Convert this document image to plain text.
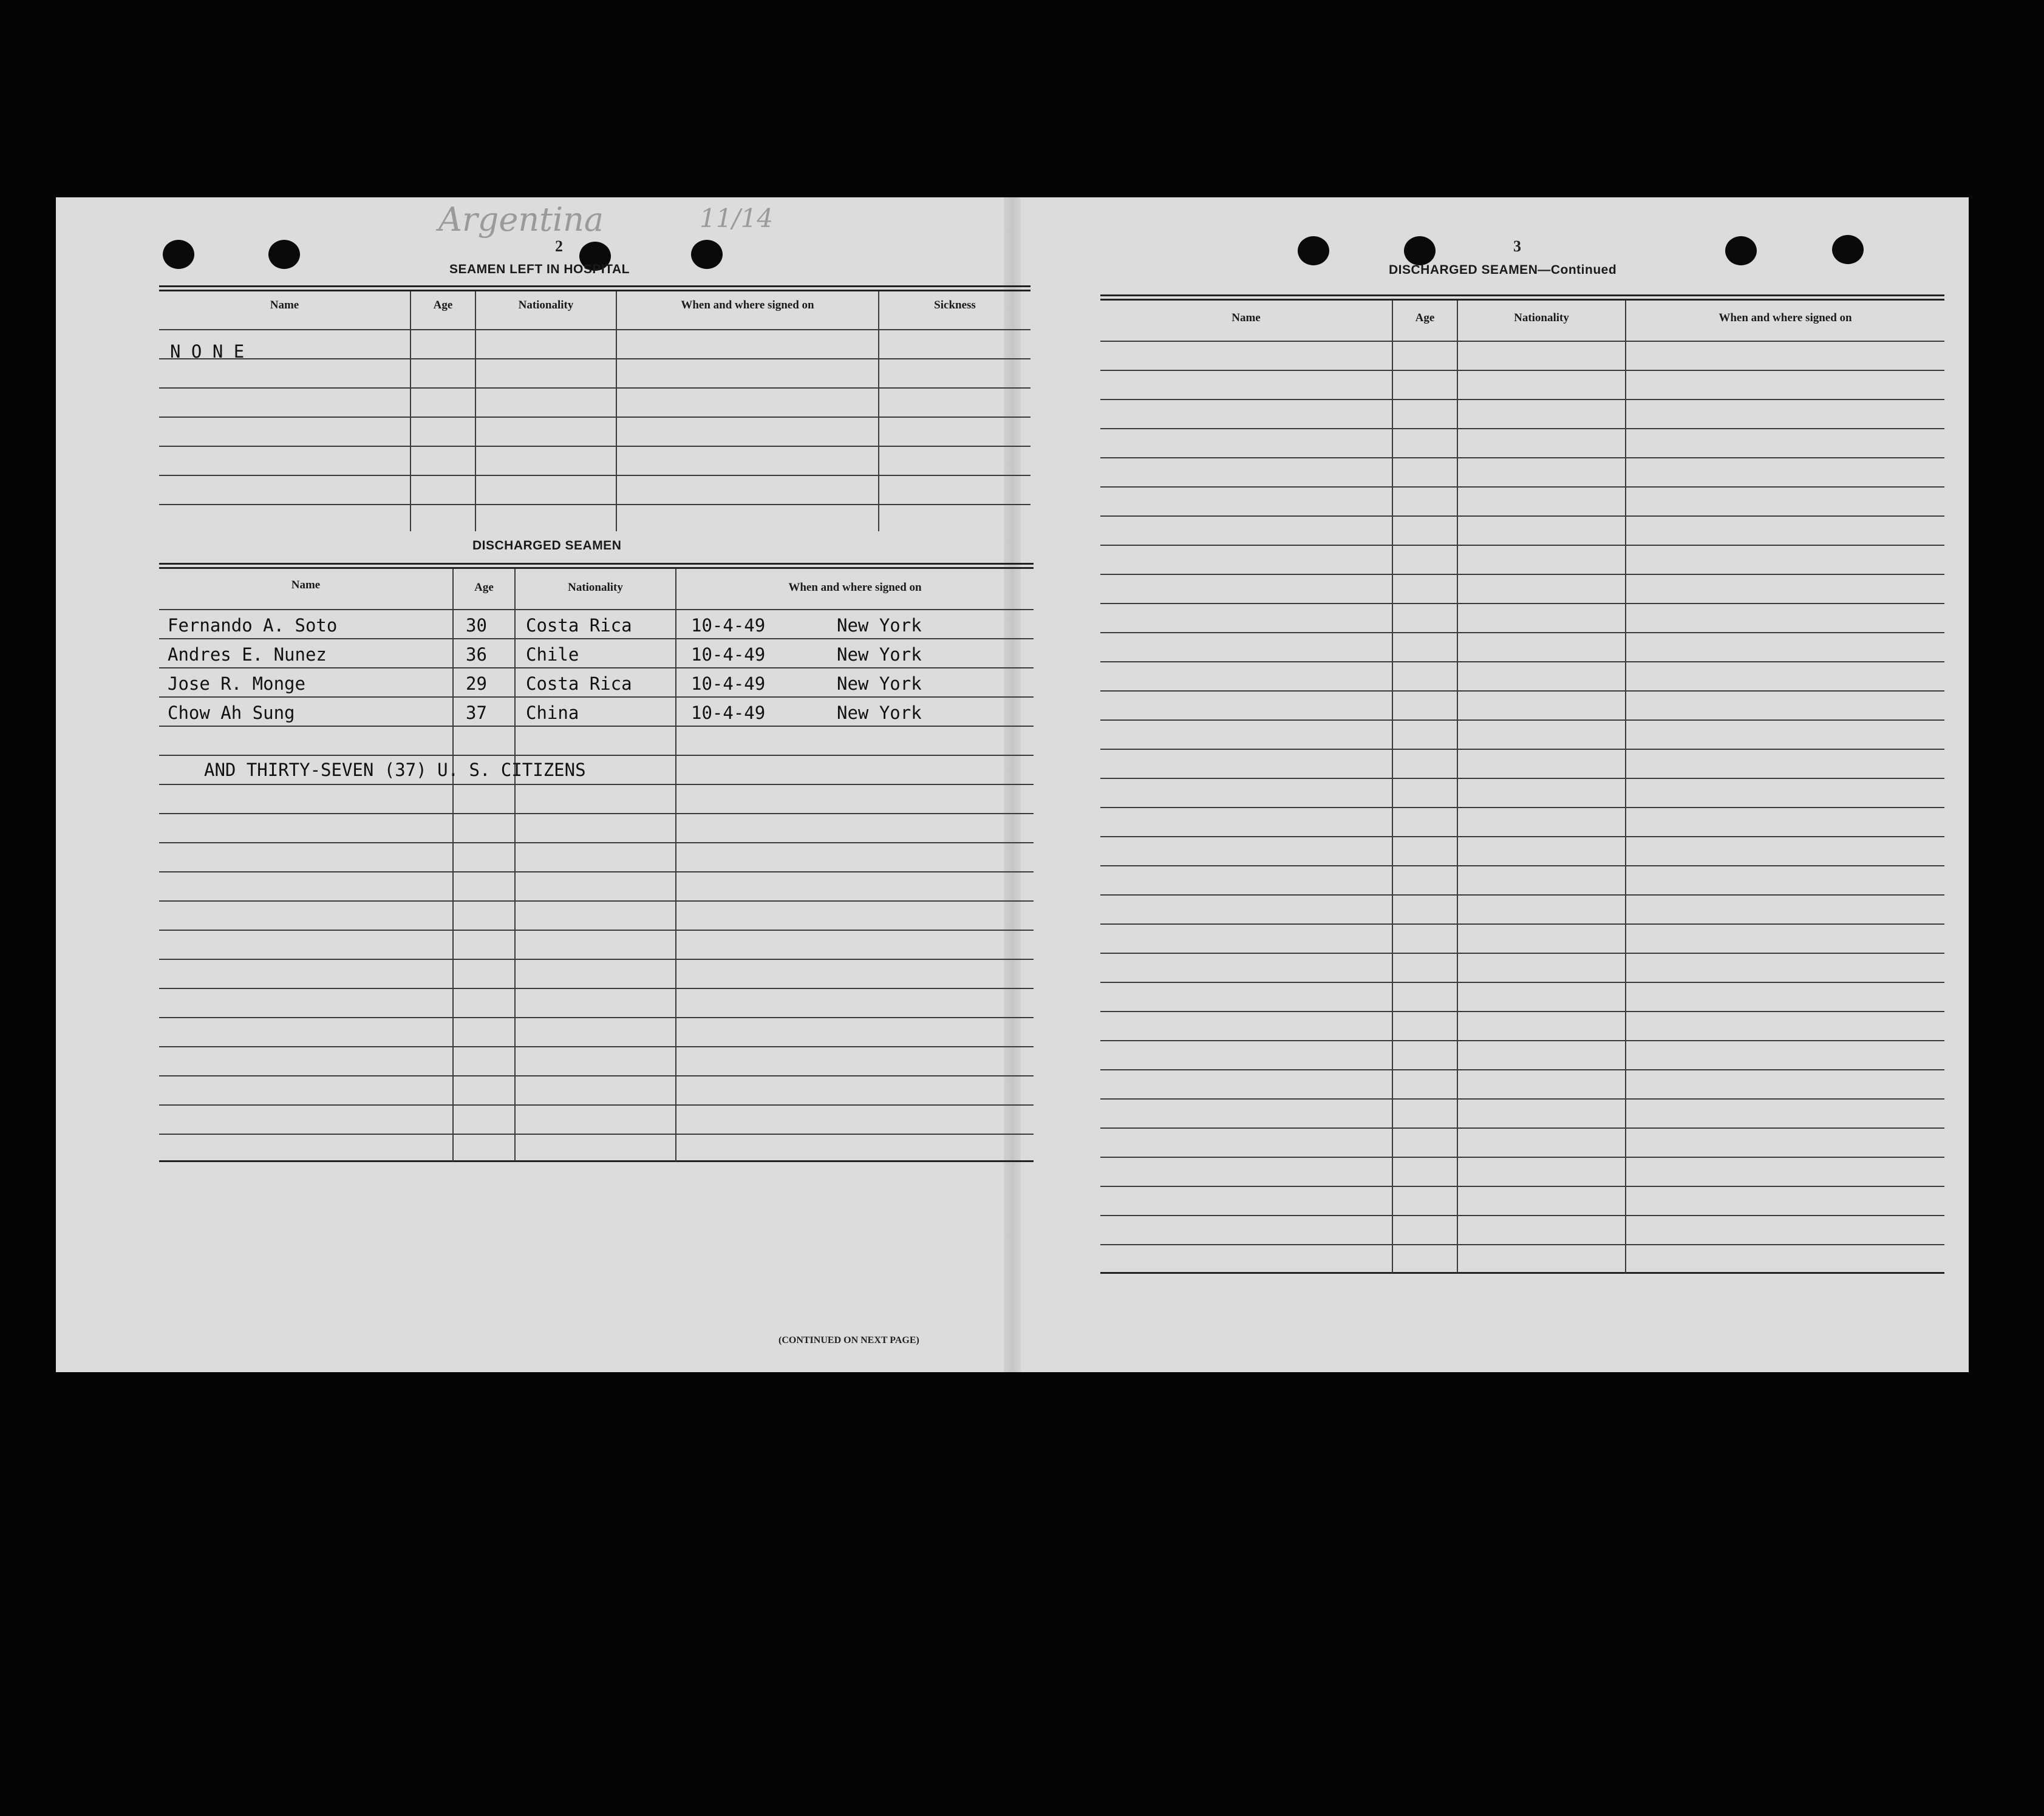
Argentina	11/14
2
SEAMEN LEFT IN HOSPITAL
Name	Age	Nationality	When and where signed on	Sickness
N O N E
DISCHARGED SEAMEN
Name	Age	Nationality	When and where signed on
Fernando A. Soto	30 Costa Rica	10-4-49	New York
Andres E. Nunez	36 Chile	10-4-49	New York
Jose R. Monge	29 Costa Rica	10-4-49	New York
Chow Ah Sung	37 China	10-4-49	New York
AND THIRTY-SEVEN (37) U. S. CITIZENS
(CONTINUED ON NEXT PAGE)
3
DISCHARGED SEAMEN—Continued
Name	Age	Nationality	When and where signed on
